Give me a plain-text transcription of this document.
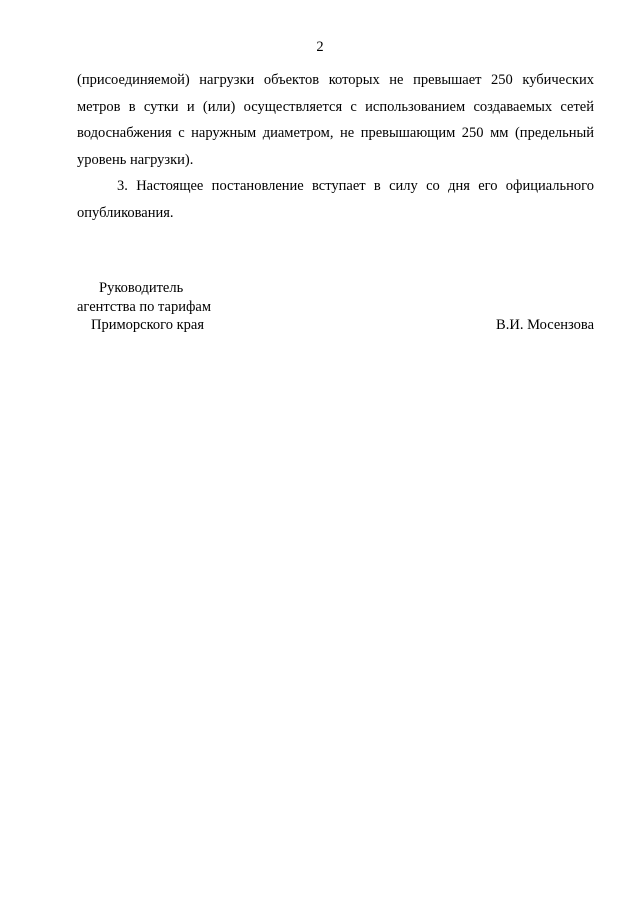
2
(присоединяемой) нагрузки объектов которых не превышает 250 кубических
метров в сутки и (или) осуществляется с использованием создаваемых сетей
водоснабжения с наружным диаметром, не превышающим 250 мм (предельный
уровень нагрузки).
3. Настоящее постановление вступает в силу со дня его официального
опубликования.
Руководитель
агентства по тарифам
Приморского края	В.И. Мосензова
